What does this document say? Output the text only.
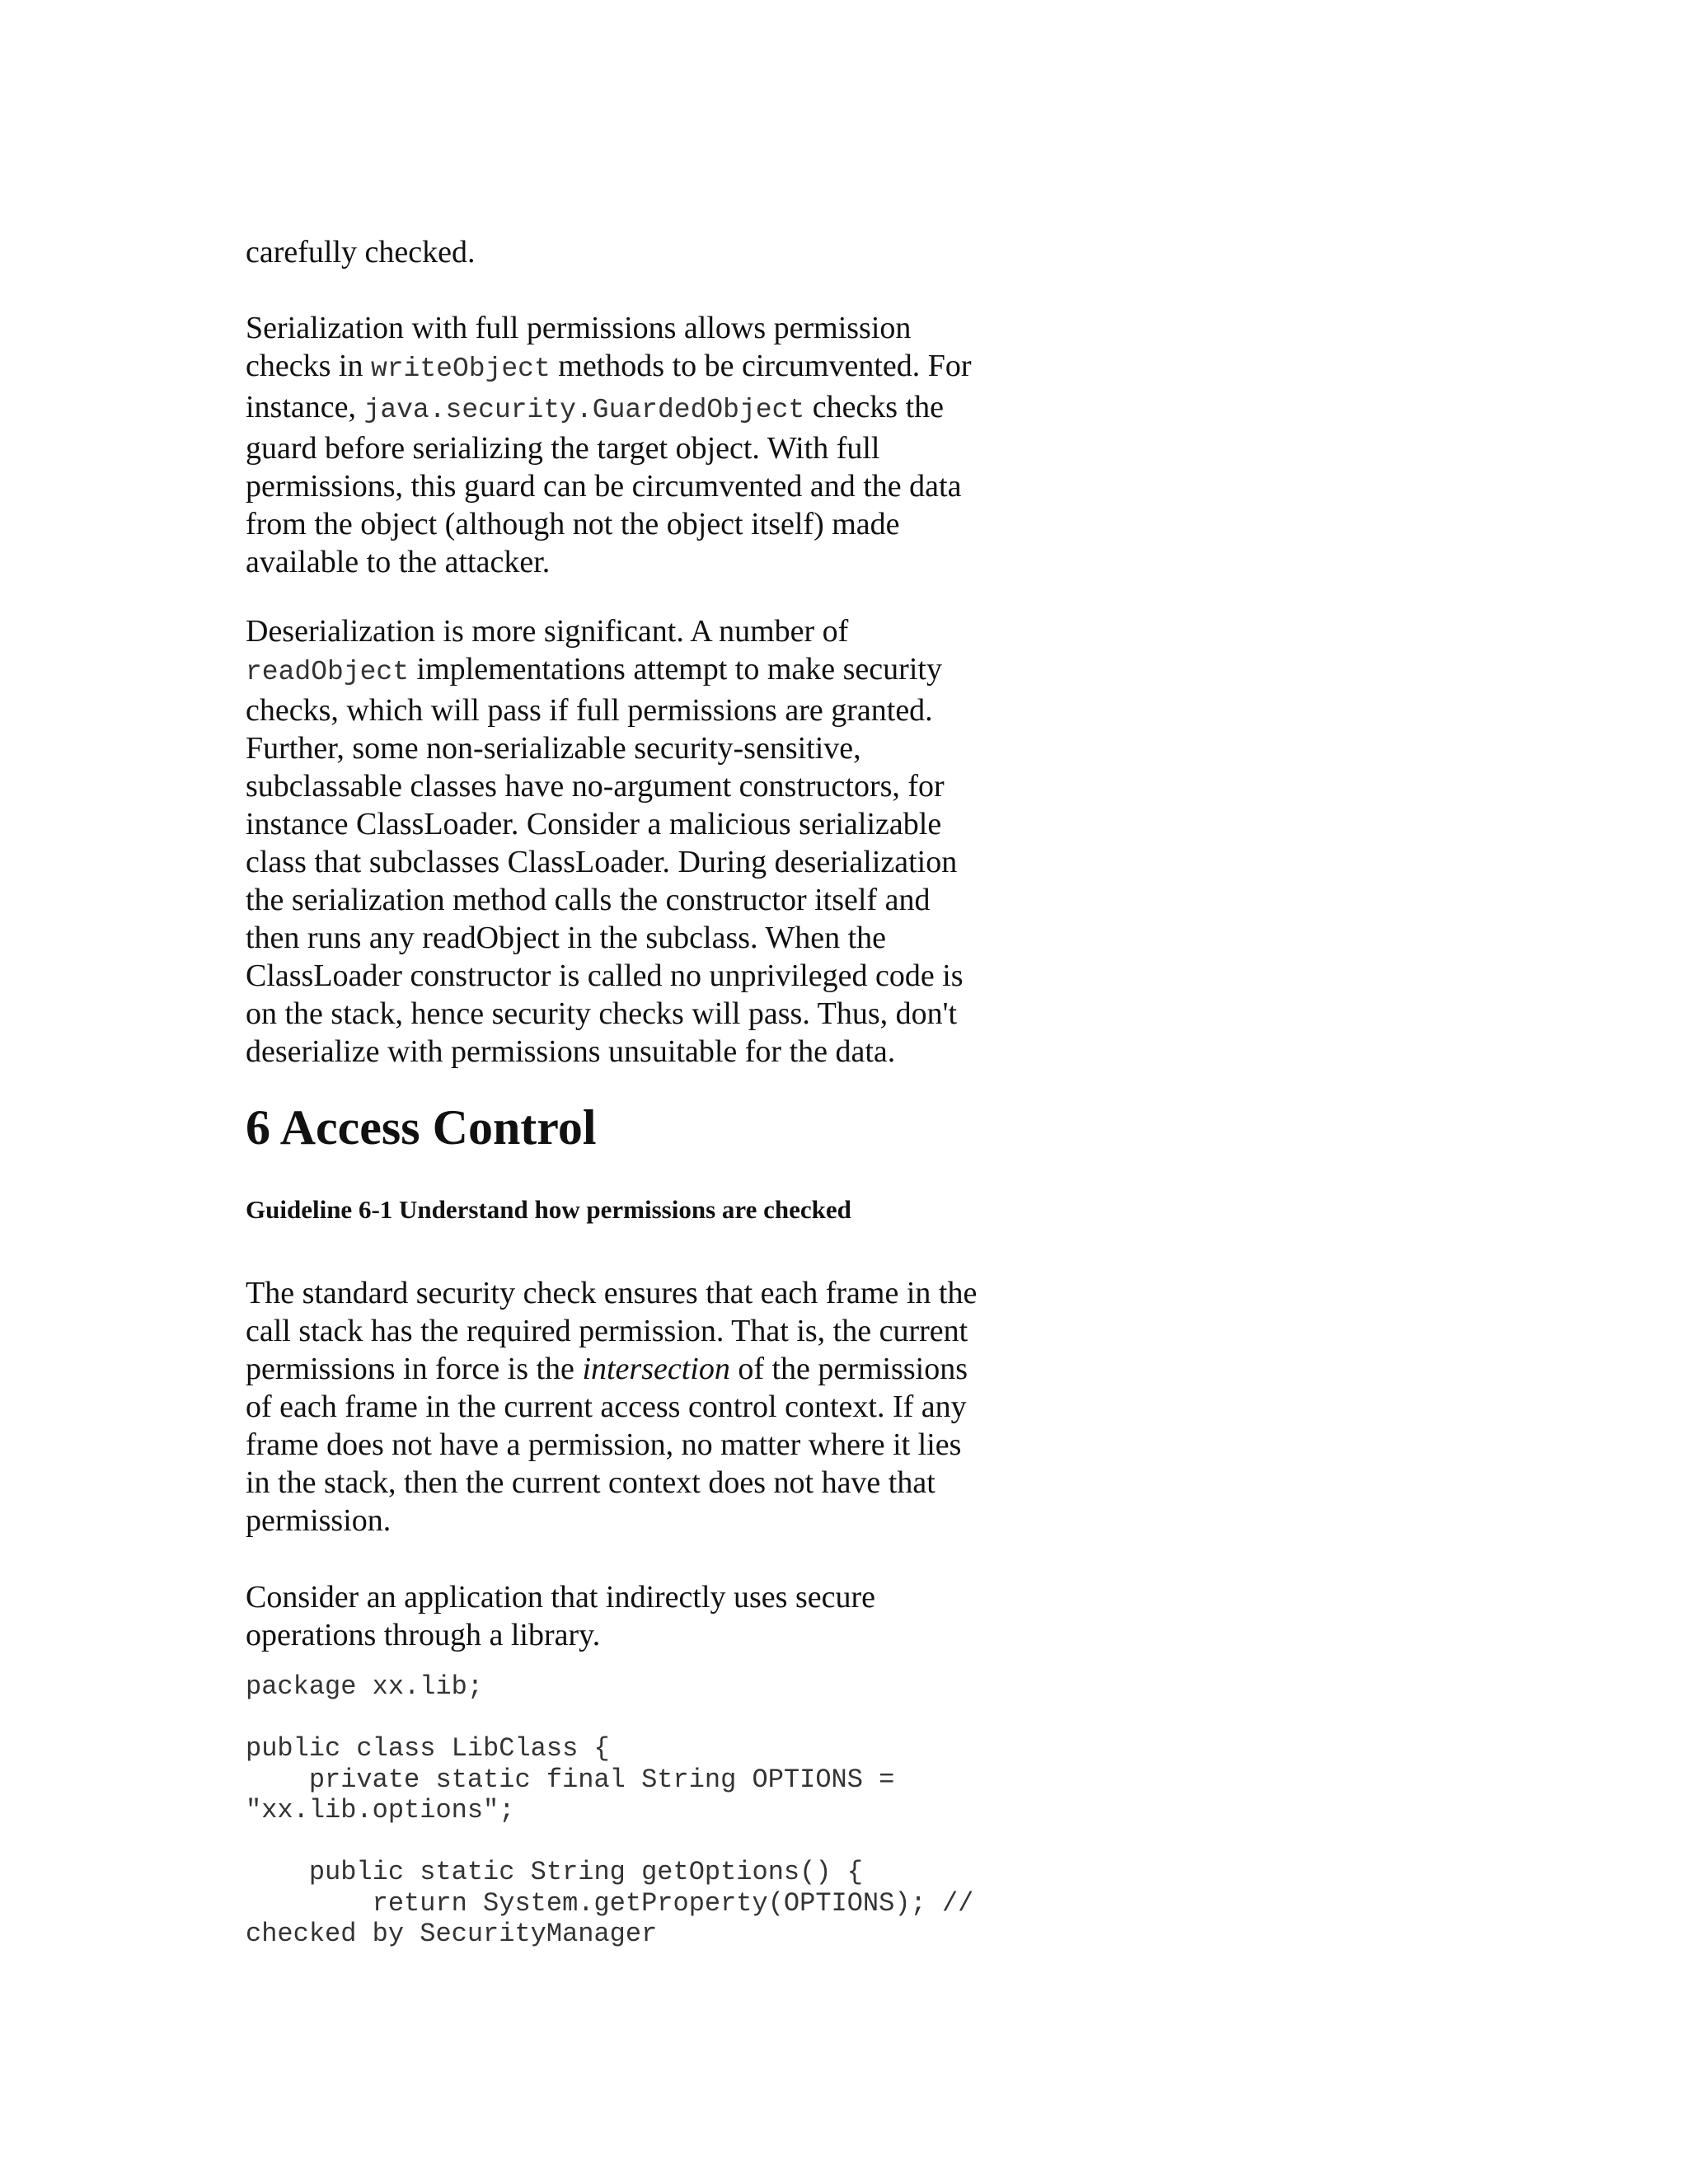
carefully checked.

Serialization with full permissions allows permission
checks in writeObject methods to be circumvented. For
instance, java.security.GuardedObject checks the
guard before serializing the target object. With full
permissions, this guard can be circumvented and the data
from the object (although not the object itself) made
available to the attacker.

Deserialization is more significant. A number of
readObject implementations attempt to make security
checks, which will pass if full permissions are granted.
Further, some non-serializable security-sensitive,
subclassable classes have no-argument constructors, for
instance ClassLoader. Consider a malicious serializable
class that subclasses ClassLoader. During deserialization
the serialization method calls the constructor itself and
then runs any readObject in the subclass. When the
ClassLoader constructor is called no unprivileged code is
on the stack, hence security checks will pass. Thus, don't
deserialize with permissions unsuitable for the data.

6 Access Control
Guideline 6-1 Understand how permissions are checked

The standard security check ensures that each frame in the
call stack has the required permission. That is, the current
permissions in force is the intersection of the permissions
of each frame in the current access control context. If any
frame does not have a permission, no matter where it lies
in the stack, then the current context does not have that
permission.

Consider an application that indirectly uses secure
operations through a library.

package xx.lib;

public class LibClass {
private static final String OPTIONS =
"xx.lib.options";

public static String getOptions() {
return System.getProperty(OPTIONS); //
checked by SecurityManager
